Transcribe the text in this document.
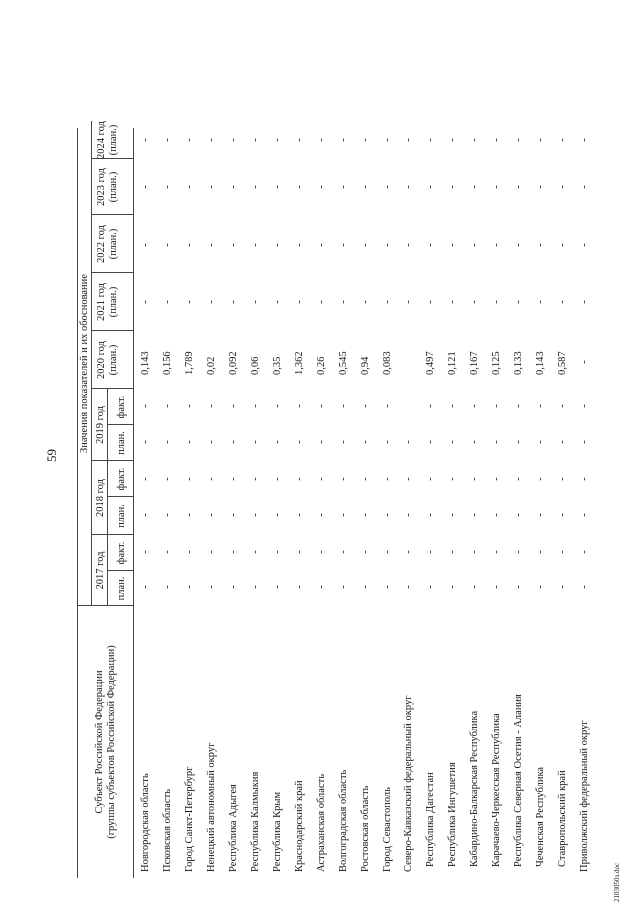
59
Субъект Российской Федерации (группы субъектов Российской Федерации)
Значения показателей и их обоснование
2017 год
2018 год
2019 год
план.
факт.
план.
факт.
план.
факт.
2020 год
(план.)
2021 год
(план.)
2022 год
(план.)
2023 год
(план.)
2024 год
(план.)
Новгородская область
-
-
-
-
-
-
0,143
-
-
-
-
Псковская область
-
-
-
-
-
-
0,156
-
-
-
-
Город Санкт-Петербург
-
-
-
-
-
-
1,789
-
-
-
-
Ненецкий автономный округ
-
-
-
-
-
-
0,02
-
-
-
-
Республика Адыгея
-
-
-
-
-
-
0,092
-
-
-
-
Республика Калмыкия
-
-
-
-
-
-
0,06
-
-
-
-
Республика Крым
-
-
-
-
-
-
0,35
-
-
-
-
Краснодарский край
-
-
-
-
-
-
1,362
-
-
-
-
Астраханская область
-
-
-
-
-
-
0,26
-
-
-
-
Волгоградская область
-
-
-
-
-
-
0,545
-
-
-
-
Ростовская область
-
-
-
-
-
-
0,94
-
-
-
-
Город Севастополь
-
-
-
-
-
-
0,083
-
-
-
-
Северо-Кавказский федеральный округ
-
-
-
-
-
-
-
-
-
Республика Дагестан
-
-
-
-
-
-
0,497
-
-
-
-
Республика Ингушетия
-
-
-
-
-
-
0,121
-
-
-
-
Кабардино-Балкарская Республика
-
-
-
-
-
-
0,167
-
-
-
-
Карачаево-Черкесская Республика
-
-
-
-
-
-
0,125
-
-
-
-
Республика Северная Осетия - Алания
-
-
-
-
-
-
0,133
-
-
-
-
Чеченская Республика
-
-
-
-
-
-
0,143
-
-
-
-
Ставропольский край
-
-
-
-
-
-
0,587
-
-
-
-
Приволжский федеральный округ
-
-
-
-
-
-
-
-
-
-
-
2103050з.doc
